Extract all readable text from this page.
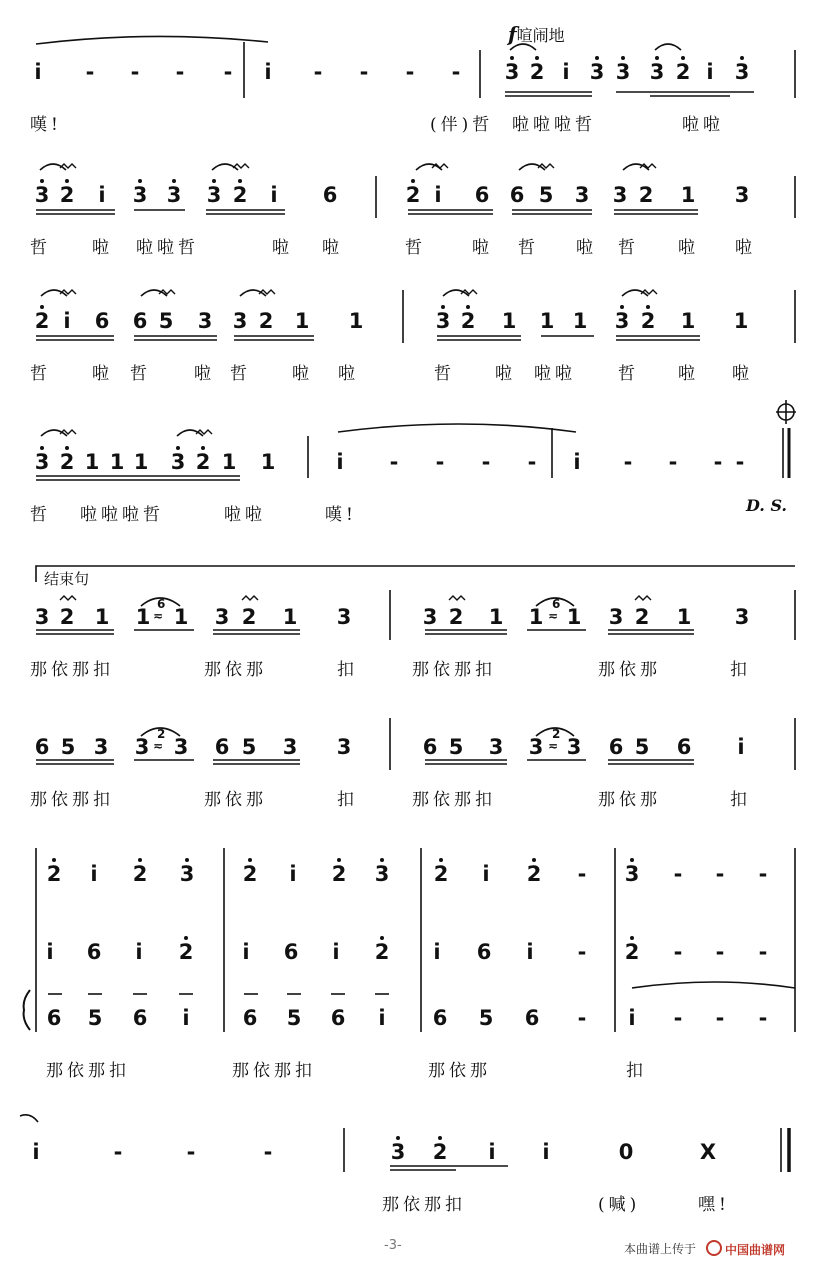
6
≂
6
≂
2
≂
2
≂
f喧闹地
结束句
D. S.
i	- - - -	i	- - - - 3 2 i 3 3 3 2 i	3
嘆!	(伴)哲 啦啦啦哲	啦啦
3 2	i	3 3 3 2	i	6	2 i	6 6 5 3 3 2 1 3
哲 啦 啦啦哲	啦 啦	哲	啦 哲 啦 哲 啦 啦
2 i	6 6 5 3 3 2 1 1	3 2 1 1 1 3 2 1 1
哲 啦 哲	啦 哲 啦 啦	哲 啦 啦啦 哲 啦 啦
3 2 1 1 1 3 2 1 1	i	- - - -	i	- - - -
哲 啦啦啦哲	啦啦	嘆!
3 2 1 1 1 3 2 1 3	3 2 1 1 1 3 2 1 3
那依那扣	那依那	扣	那依那扣	那依那	扣
6 5 3 3 3 6 5 3 3	6 5 3 3 3 6 5 6	i
那依那扣	那依那	扣	那依那扣	那依那	扣
2	i	2 3 2	i	2 3 2	i	2 - 3 - - -
i	6	i	2	i	6	i	2	i	6	i	- 2 - - -
6 5 6	i	6 5 6	i	6 5 6 -	i	- - -
那依那扣	那依那扣	那依那	扣
i	-	-	-	3 2	i	i	0	X
那依那扣	(喊)	嘿!
-3-	本曲谱上传于	中国曲谱网
